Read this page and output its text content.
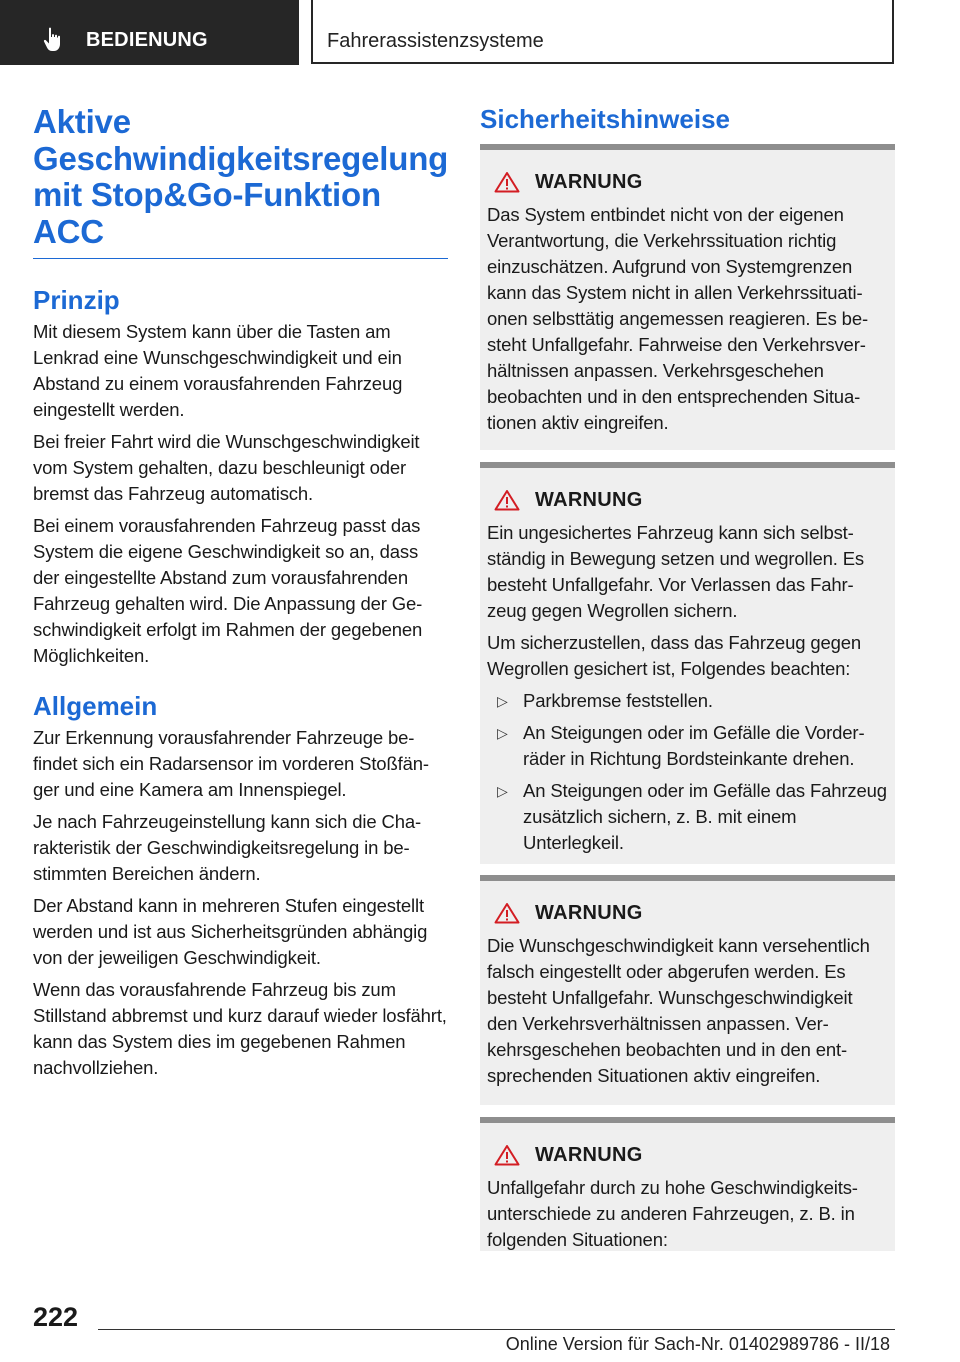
BEDIENUNG	Fahrerassistenzsysteme
Aktive
Geschwindigkeitsregelung
mit Stop&Go-Funktion
ACC
Prinzip

Mit diesem System kann über die Tasten am Lenkrad eine Wunschgeschwindigkeit und ein Abstand zu einem vorausfahrenden Fahrzeug eingestellt werden.

Bei freier Fahrt wird die Wunschgeschwindigkeit vom System gehalten, dazu beschleunigt oder bremst das Fahrzeug automatisch.

Bei einem vorausfahrenden Fahrzeug passt das System die eigene Geschwindigkeit so an, dass der eingestellte Abstand zum vorausfahrenden Fahrzeug gehalten wird. Die Anpassung der Geschwindigkeit erfolgt im Rahmen der gegebenen Möglichkeiten.

Allgemein

Zur Erkennung vorausfahrender Fahrzeuge befindet sich ein Radarsensor im vorderen Stoßfänger und eine Kamera am Innenspiegel.

Je nach Fahrzeugeinstellung kann sich die Charakteristik der Geschwindigkeitsregelung in bestimmten Bereichen ändern.

Der Abstand kann in mehreren Stufen eingestellt werden und ist aus Sicherheitsgründen abhängig von der jeweiligen Geschwindigkeit.

Wenn das vorausfahrende Fahrzeug bis zum Stillstand abbremst und kurz darauf wieder losfährt, kann das System dies im gegebenen Rahmen nachvollziehen.

Sicherheitshinweise
WARNUNG

Das System entbindet nicht von der eigenen Verantwortung, die Verkehrssituation richtig einzuschätzen. Aufgrund von Systemgrenzen kann das System nicht in allen Verkehrssituationen selbsttätig angemessen reagieren. Es besteht Unfallgefahr. Fahrweise den Verkehrsverhältnissen anpassen. Verkehrsgeschehen beobachten und in den entsprechenden Situationen aktiv eingreifen.

WARNUNG

Ein ungesichertes Fahrzeug kann sich selbstständig in Bewegung setzen und wegrollen. Es besteht Unfallgefahr. Vor Verlassen das Fahrzeug gegen Wegrollen sichern.

Um sicherzustellen, dass das Fahrzeug gegen Wegrollen gesichert ist, Folgendes beachten:

▷ Parkbremse feststellen.
▷ An Steigungen oder im Gefälle die Vorderräder in Richtung Bordsteinkante drehen.
▷ An Steigungen oder im Gefälle das Fahrzeug zusätzlich sichern, z. B. mit einem Unterlegkeil.
WARNUNG

Die Wunschgeschwindigkeit kann versehentlich falsch eingestellt oder abgerufen werden. Es besteht Unfallgefahr. Wunschgeschwindigkeit den Verkehrsverhältnissen anpassen. Verkehrsgeschehen beobachten und in den entsprechenden Situationen aktiv eingreifen.

WARNUNG

Unfallgefahr durch zu hohe Geschwindigkeitsunterschiede zu anderen Fahrzeugen, z. B. in folgenden Situationen:

222
Online Version für Sach-Nr. 01402989786 - II/18
